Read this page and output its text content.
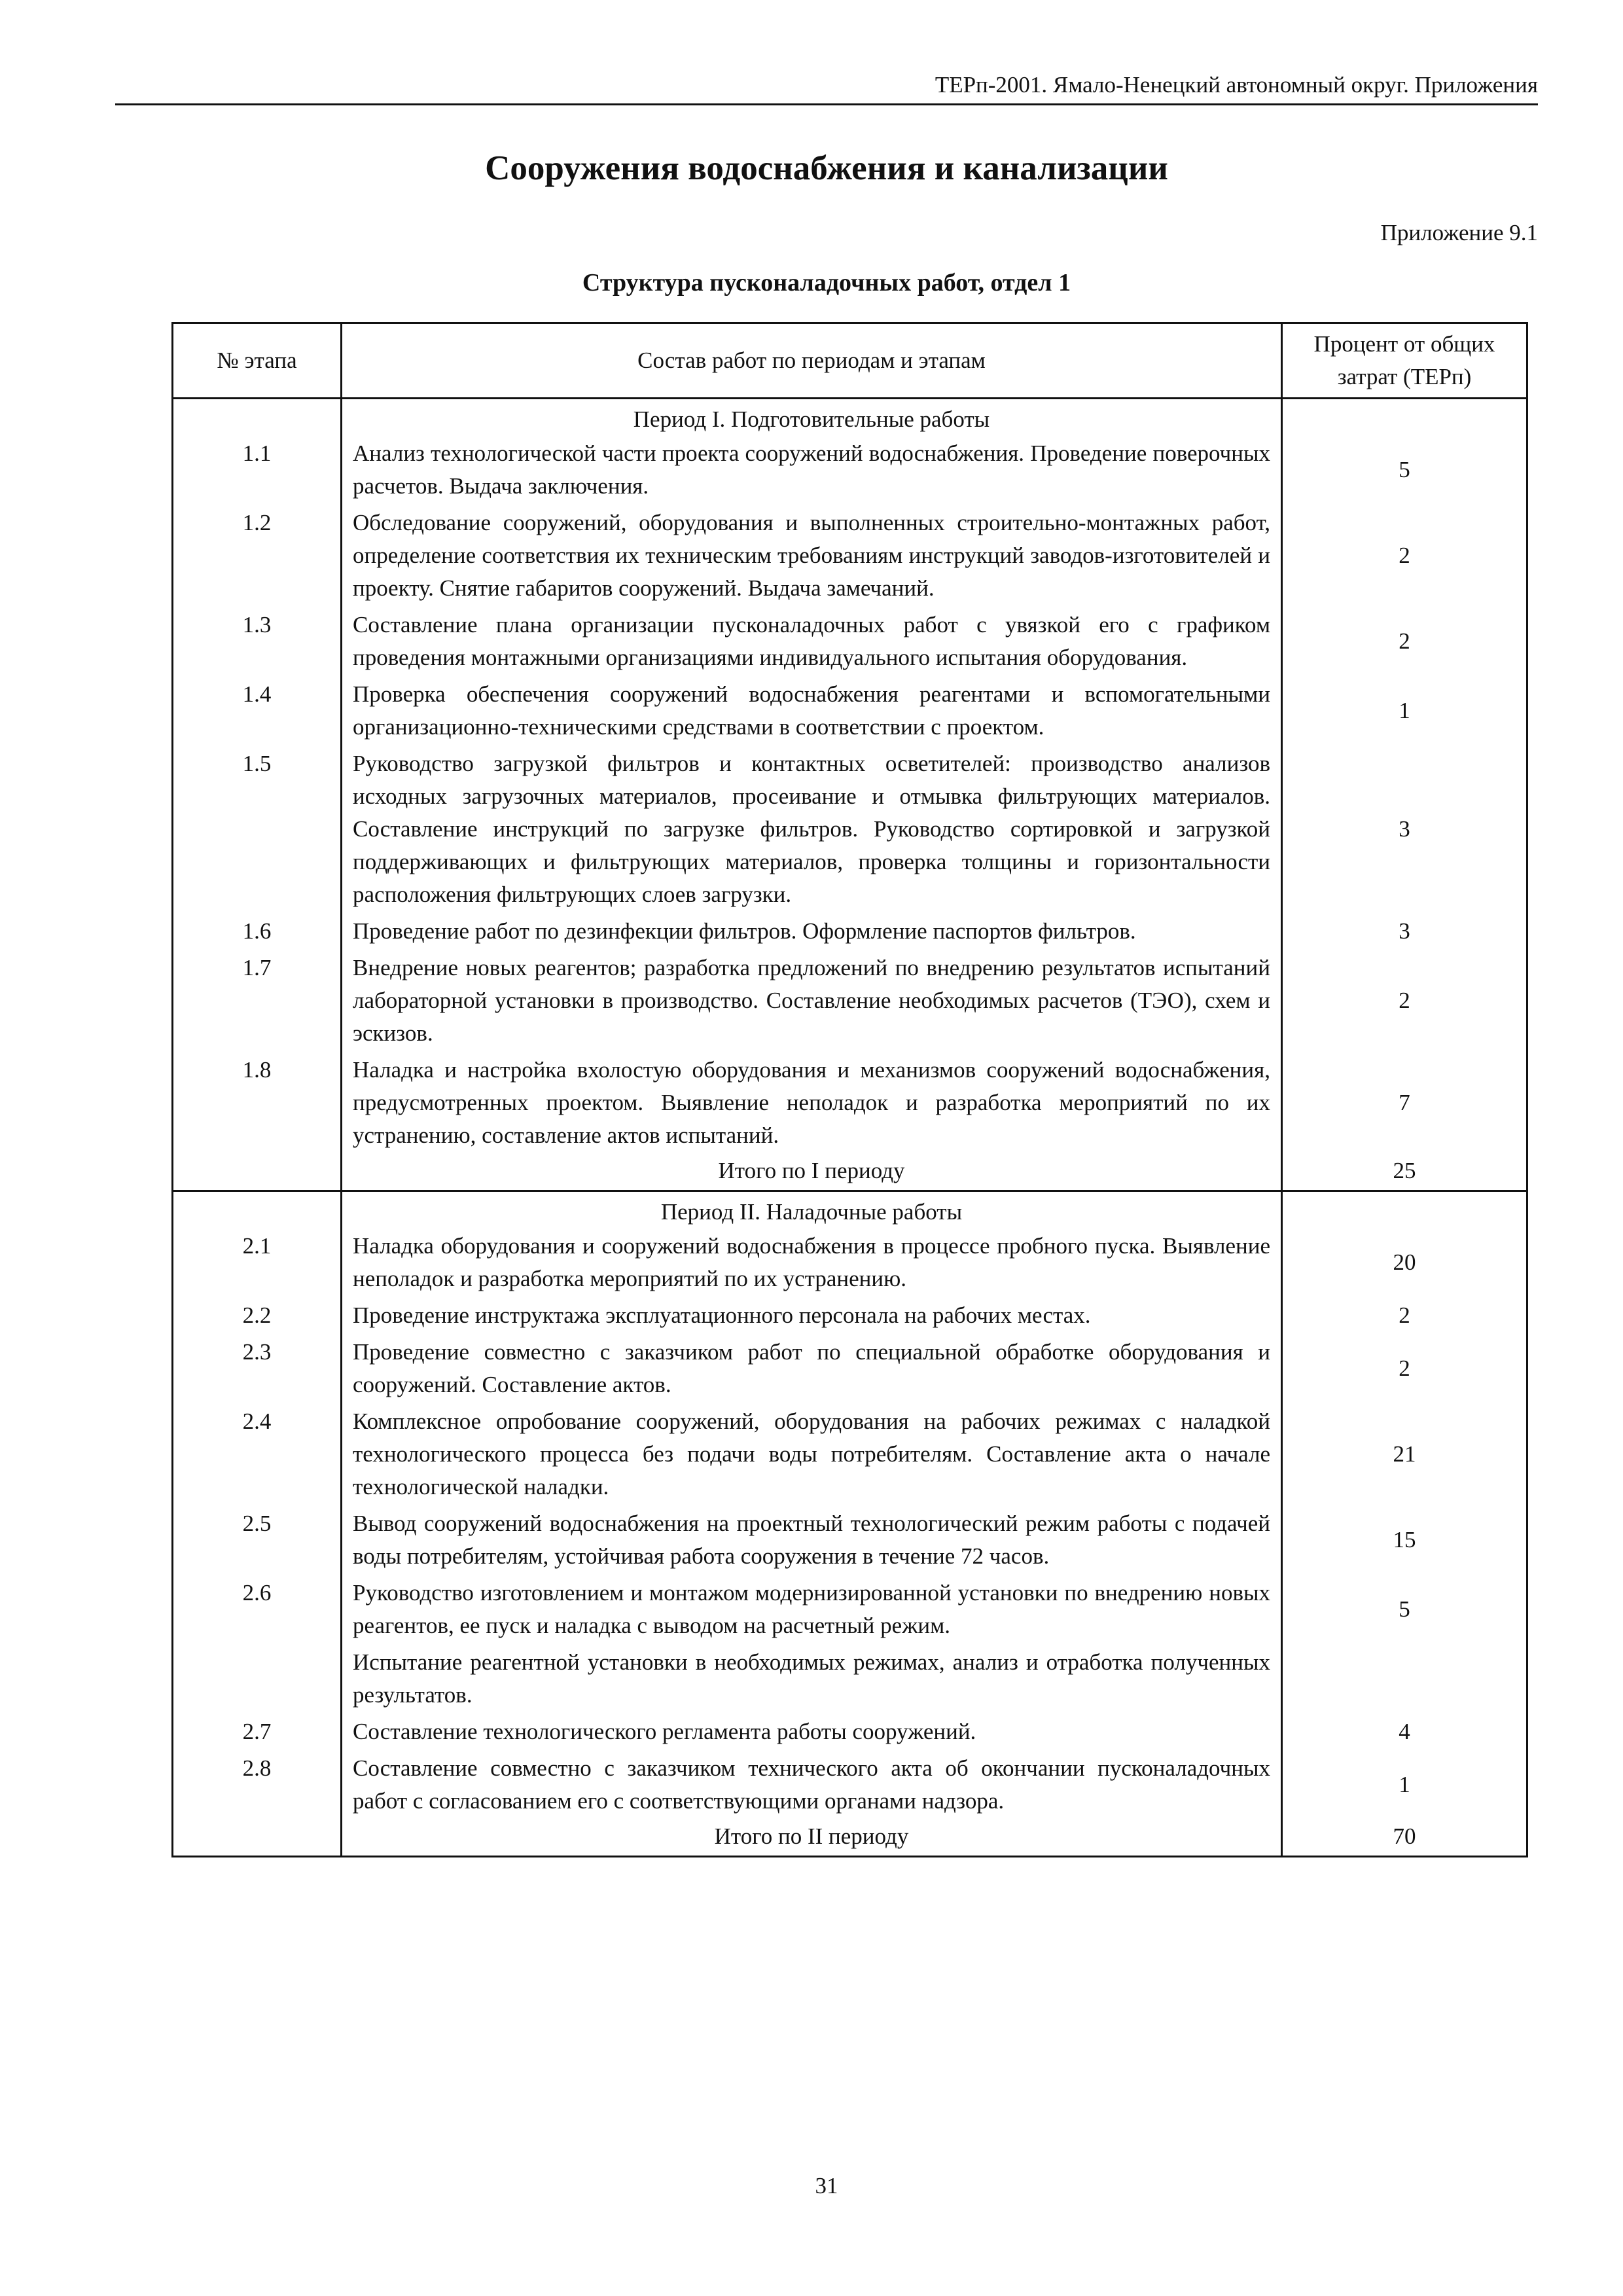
ТЕРп-2001. Ямало-Ненецкий автономный округ. Приложения
Сооружения водоснабжения и канализации
Приложение 9.1
Структура пусконаладочных работ, отдел 1
№ этапа	Состав работ по периодам и этапам	Процент от общих затрат (ТЕРп)
	Период I. Подготовительные работы	
1.1	Анализ технологической части проекта сооружений водоснабжения. Проведение поверочных расчетов. Выдача заключения.	5
1.2	Обследование сооружений, оборудования и выполненных строительно-монтажных работ, определение соответствия их техническим требованиям инструкций заводов-изготовителей и проекту. Снятие габаритов сооружений. Выдача замечаний.	2
1.3	Составление плана организации пусконаладочных работ с увязкой его с графиком проведения монтажными организациями индивидуального испытания оборудования.	2
1.4	Проверка обеспечения сооружений водоснабжения реагентами и вспомогательными организационно-техническими средствами в соответствии с проектом.	1
1.5	Руководство загрузкой фильтров и контактных осветителей: производство анализов исходных загрузочных материалов, просеивание и отмывка фильтрующих материалов. Составление инструкций по загрузке фильтров. Руководство сортировкой и загрузкой поддерживающих и фильтрующих материалов, проверка толщины и горизонтальности расположения фильтрующих слоев загрузки.	3
1.6	Проведение работ по дезинфекции фильтров. Оформление паспортов фильтров.	3
1.7	Внедрение новых реагентов; разработка предложений по внедрению результатов испытаний лабораторной установки в производство. Составление необходимых расчетов (ТЭО), схем и эскизов.	2
1.8	Наладка и настройка вхолостую оборудования и механизмов сооружений водоснабжения, предусмотренных проектом. Выявление неполадок и разработка мероприятий по их устранению, составление актов испытаний.	7
	Итого по I периоду	25
	Период II. Наладочные работы	
2.1	Наладка оборудования и сооружений водоснабжения в процессе пробного пуска. Выявление неполадок и разработка мероприятий по их устранению.	20
2.2	Проведение инструктажа эксплуатационного персонала на рабочих местах.	2
2.3	Проведение совместно с заказчиком работ по специальной обработке оборудования и сооружений. Составление актов.	2
2.4	Комплексное опробование сооружений, оборудования на рабочих режимах с наладкой технологического процесса без подачи воды потребителям. Составление акта о начале технологической наладки.	21
2.5	Вывод сооружений водоснабжения на проектный технологический режим работы с подачей воды потребителям, устойчивая работа сооружения в течение 72 часов.	15
2.6	Руководство изготовлением и монтажом модернизированной установки по внедрению новых реагентов, ее пуск и наладка с выводом на расчетный режим.	5
	Испытание реагентной установки в необходимых режимах, анализ и отработка полученных результатов.	
2.7	Составление технологического регламента работы сооружений.	4
2.8	Составление совместно с заказчиком технического акта об окончании пусконаладочных работ с согласованием его с соответствующими органами надзора.	1
	Итого по II периоду	70
31
